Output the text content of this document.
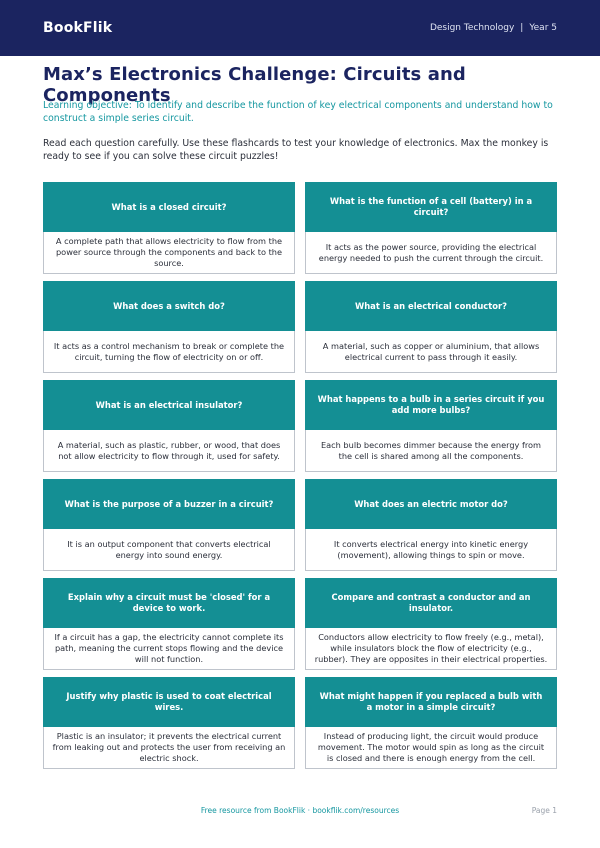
BookFlik	Design Technology | Year 5
Max’s Electronics Challenge: Circuits and Components

Learning objective: To identify and describe the function of key electrical components and understand how to construct a simple series circuit.

Read each question carefully. Use these flashcards to test your knowledge of electronics. Max the monkey is ready to see if you can solve these circuit puzzles!

What is a closed circuit?
A complete path that allows electricity to flow from the power source through the components and back to the source.
What is the function of a cell (battery) in a circuit?
It acts as the power source, providing the electrical energy needed to push the current through the circuit.
What does a switch do?
It acts as a control mechanism to break or complete the circuit, turning the flow of electricity on or off.
What is an electrical conductor?
A material, such as copper or aluminium, that allows electrical current to pass through it easily.
What is an electrical insulator?
A material, such as plastic, rubber, or wood, that does not allow electricity to flow through it, used for safety.
What happens to a bulb in a series circuit if you add more bulbs?
Each bulb becomes dimmer because the energy from the cell is shared among all the components.
What is the purpose of a buzzer in a circuit?
It is an output component that converts electrical energy into sound energy.
What does an electric motor do?
It converts electrical energy into kinetic energy (movement), allowing things to spin or move.
Explain why a circuit must be 'closed' for a device to work.
If a circuit has a gap, the electricity cannot complete its path, meaning the current stops flowing and the device will not function.
Compare and contrast a conductor and an insulator.
Conductors allow electricity to flow freely (e.g., metal), while insulators block the flow of electricity (e.g., rubber). They are opposites in their electrical properties.
Justify why plastic is used to coat electrical wires.
Plastic is an insulator; it prevents the electrical current from leaking out and protects the user from receiving an electric shock.
What might happen if you replaced a bulb with a motor in a simple circuit?
Instead of producing light, the circuit would produce movement. The motor would spin as long as the circuit is closed and there is enough energy from the cell.
Free resource from BookFlik · bookflik.com/resources	Page 1
